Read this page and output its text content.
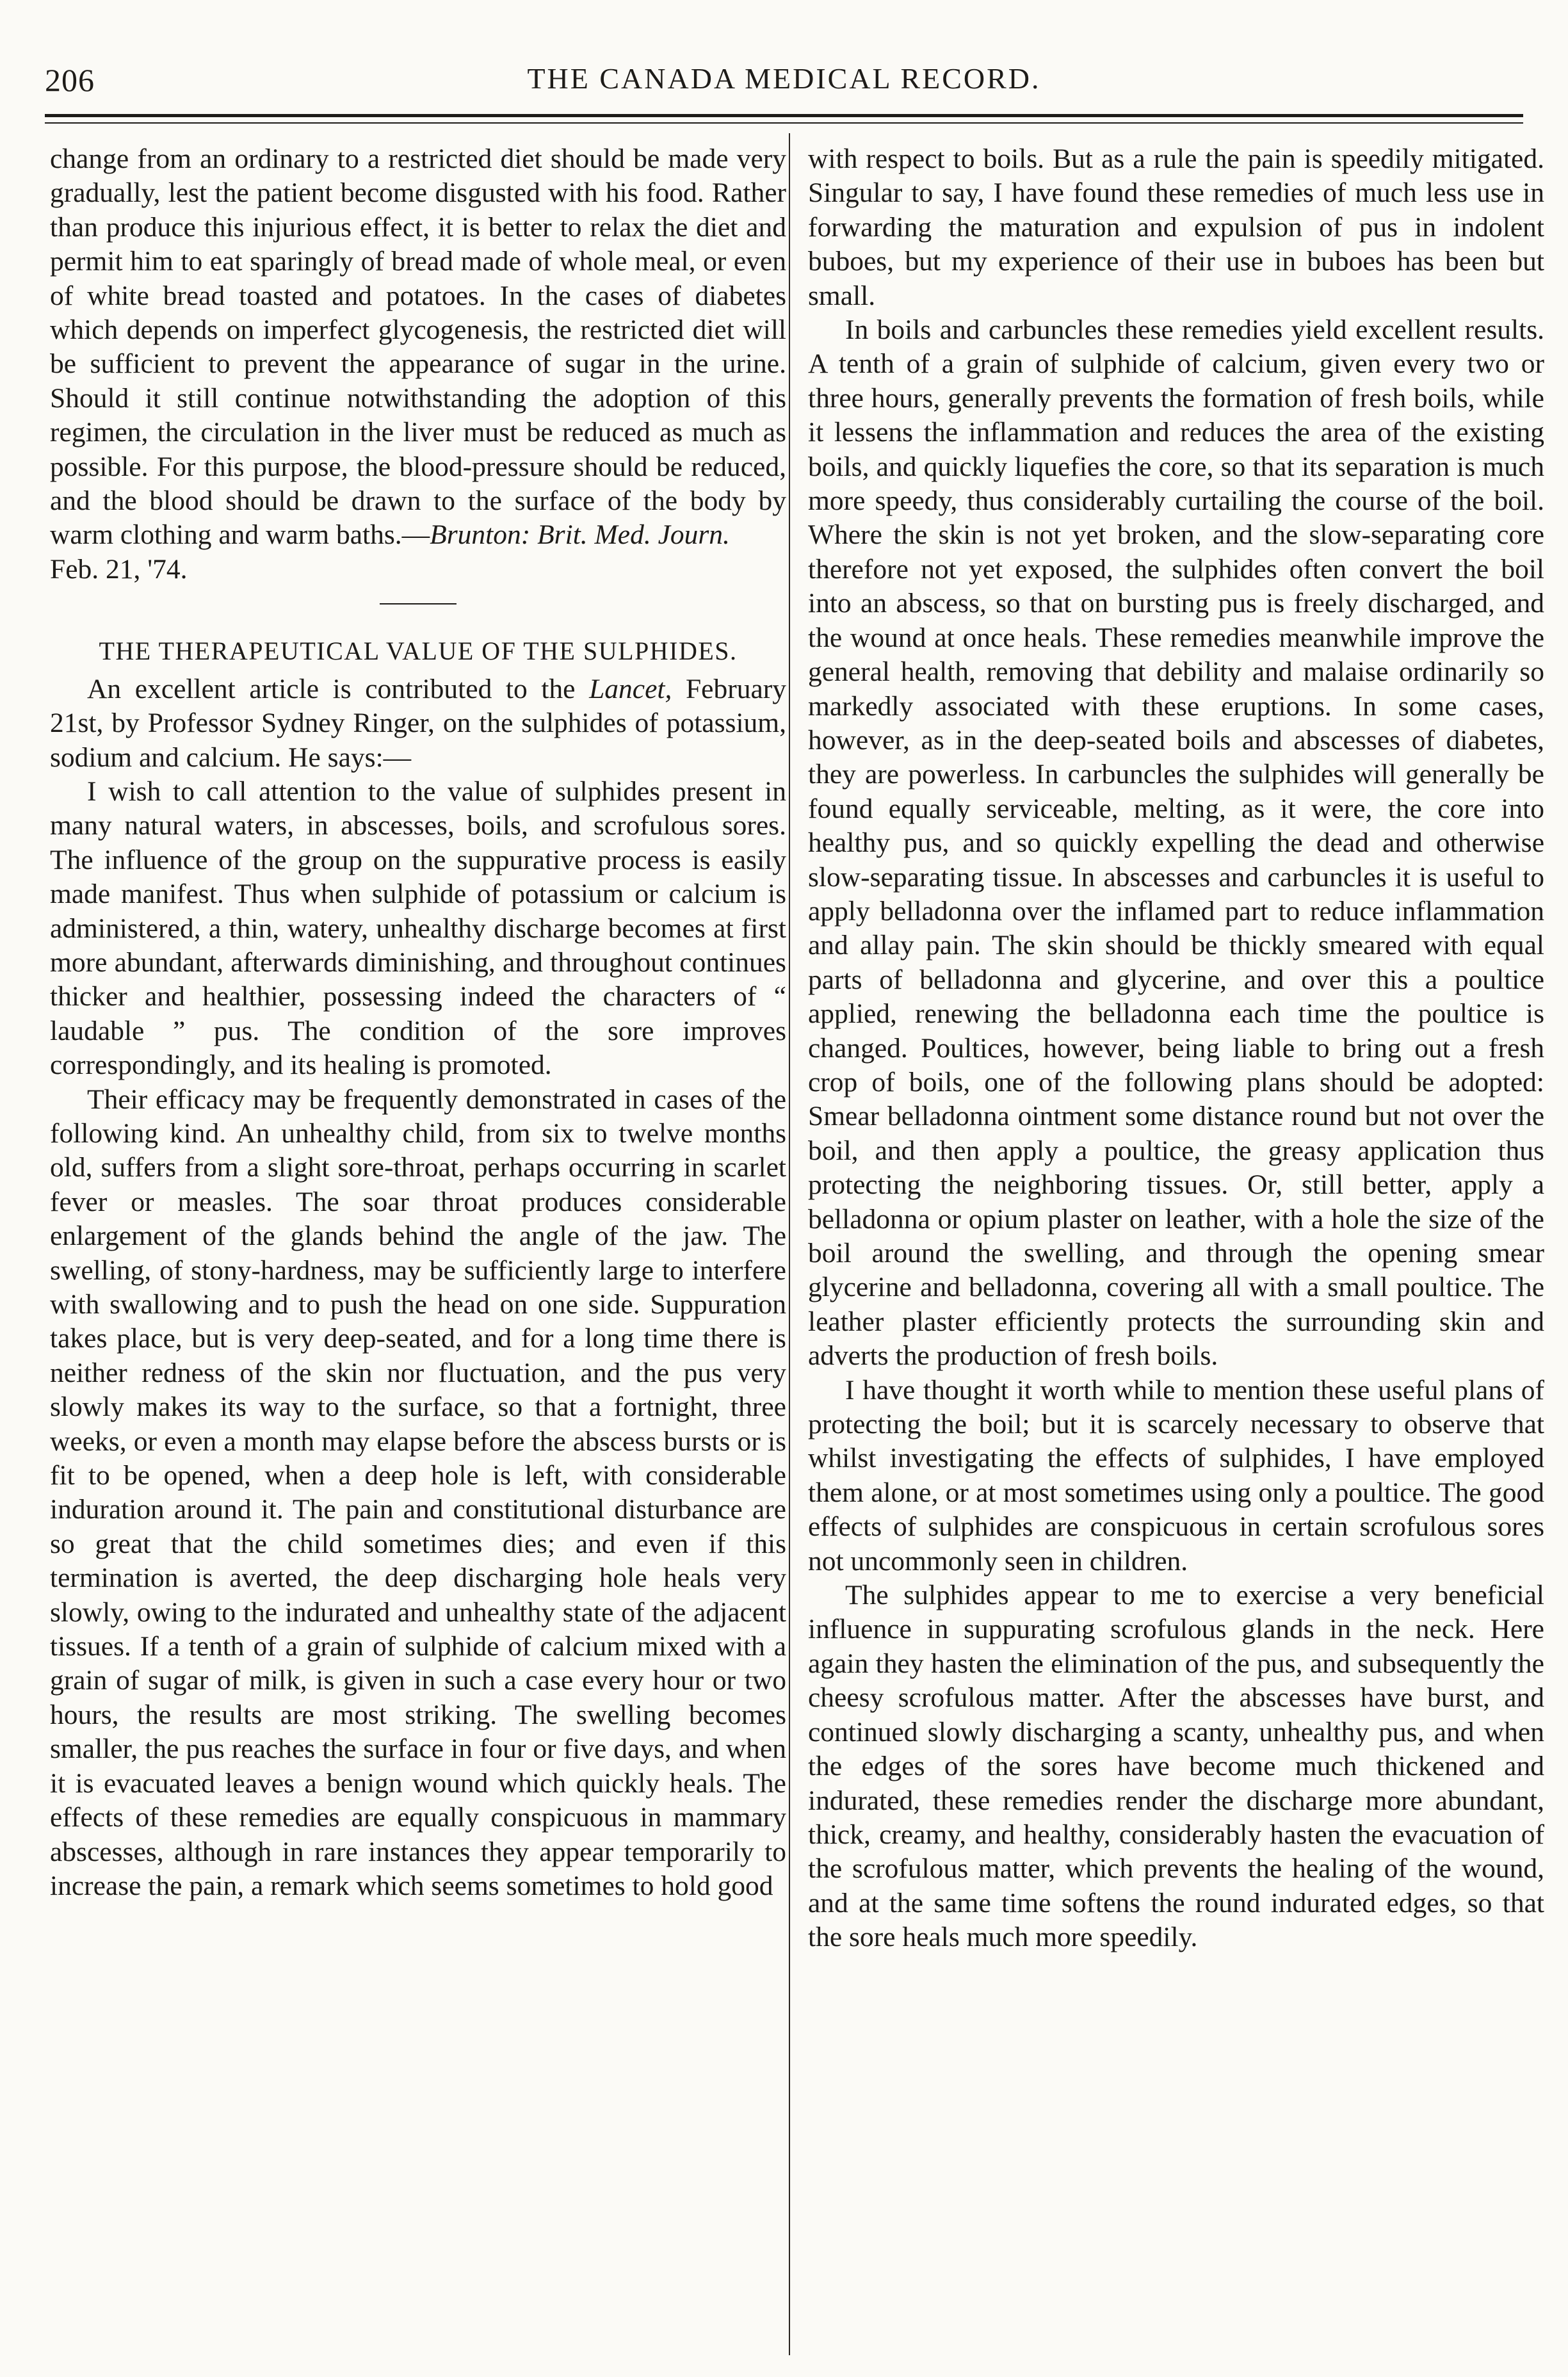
206	THE CANADA MEDICAL RECORD.

change from an ordinary to a restricted diet should be made very gradually, lest the patient become disgusted with his food. Rather than produce this injurious effect, it is better to relax the diet and permit him to eat sparingly of bread made of whole meal, or even of white bread toasted and potatoes. In the cases of diabetes which depends on imperfect glycogenesis, the restricted diet will be sufficient to prevent the appearance of sugar in the urine. Should it still continue notwithstanding the adoption of this regimen, the circulation in the liver must be reduced as much as possible. For this purpose, the blood-pressure should be reduced, and the blood should be drawn to the surface of the body by warm clothing and warm baths.—Brunton: Brit. Med. Journ.
Feb. 21, '74.

THE THERAPEUTICAL VALUE OF THE SULPHIDES.

An excellent article is contributed to the Lancet, February 21st, by Professor Sydney Ringer, on the sulphides of potassium, sodium and calcium. He says:—

I wish to call attention to the value of sulphides present in many natural waters, in abscesses, boils, and scrofulous sores. The influence of the group on the suppurative process is easily made manifest. Thus when sulphide of potassium or calcium is administered, a thin, watery, unhealthy discharge becomes at first more abundant, afterwards diminishing, and throughout continues thicker and healthier, possessing indeed the characters of “ laudable ” pus. The condition of the sore improves correspondingly, and its healing is promoted.

Their efficacy may be frequently demonstrated in cases of the following kind. An unhealthy child, from six to twelve months old, suffers from a slight sore-throat, perhaps occurring in scarlet fever or measles. The soar throat produces considerable enlargement of the glands behind the angle of the jaw. The swelling, of stony-hardness, may be sufficiently large to interfere with swallowing and to push the head on one side. Suppuration takes place, but is very deep-seated, and for a long time there is neither redness of the skin nor fluctuation, and the pus very slowly makes its way to the surface, so that a fortnight, three weeks, or even a month may elapse before the abscess bursts or is fit to be opened, when a deep hole is left, with considerable induration around it. The pain and constitutional disturbance are so great that the child sometimes dies; and even if this termination is averted, the deep discharging hole heals very slowly, owing to the indurated and unhealthy state of the adjacent tissues. If a tenth of a grain of sulphide of calcium mixed with a grain of sugar of milk, is given in such a case every hour or two hours, the results are most striking. The swelling becomes smaller, the pus reaches the surface in four or five days, and when it is evacuated leaves a benign wound which quickly heals. The effects of these remedies are equally conspicuous in mammary abscesses, although in rare instances they appear temporarily to increase the pain, a remark which seems sometimes to hold good

with respect to boils. But as a rule the pain is speedily mitigated. Singular to say, I have found these remedies of much less use in forwarding the maturation and expulsion of pus in indolent buboes, but my experience of their use in buboes has been but small.

In boils and carbuncles these remedies yield excellent results. A tenth of a grain of sulphide of calcium, given every two or three hours, generally prevents the formation of fresh boils, while it lessens the inflammation and reduces the area of the existing boils, and quickly liquefies the core, so that its separation is much more speedy, thus considerably curtailing the course of the boil. Where the skin is not yet broken, and the slow-separating core therefore not yet exposed, the sulphides often convert the boil into an abscess, so that on bursting pus is freely discharged, and the wound at once heals. These remedies meanwhile improve the general health, removing that debility and malaise ordinarily so markedly associated with these eruptions. In some cases, however, as in the deep-seated boils and abscesses of diabetes, they are powerless. In carbuncles the sulphides will generally be found equally serviceable, melting, as it were, the core into healthy pus, and so quickly expelling the dead and otherwise slow-separating tissue. In abscesses and carbuncles it is useful to apply belladonna over the inflamed part to reduce inflammation and allay pain. The skin should be thickly smeared with equal parts of belladonna and glycerine, and over this a poultice applied, renewing the belladonna each time the poultice is changed. Poultices, however, being liable to bring out a fresh crop of boils, one of the following plans should be adopted: Smear belladonna ointment some distance round but not over the boil, and then apply a poultice, the greasy application thus protecting the neighboring tissues. Or, still better, apply a belladonna or opium plaster on leather, with a hole the size of the boil around the swelling, and through the opening smear glycerine and belladonna, covering all with a small poultice. The leather plaster efficiently protects the surrounding skin and adverts the production of fresh boils.

I have thought it worth while to mention these useful plans of protecting the boil; but it is scarcely necessary to observe that whilst investigating the effects of sulphides, I have employed them alone, or at most sometimes using only a poultice. The good effects of sulphides are conspicuous in certain scrofulous sores not uncommonly seen in children.

The sulphides appear to me to exercise a very beneficial influence in suppurating scrofulous glands in the neck. Here again they hasten the elimination of the pus, and subsequently the cheesy scrofulous matter. After the abscesses have burst, and continued slowly discharging a scanty, unhealthy pus, and when the edges of the sores have become much thickened and indurated, these remedies render the discharge more abundant, thick, creamy, and healthy, considerably hasten the evacuation of the scrofulous matter, which prevents the healing of the wound, and at the same time softens the round indurated edges, so that the sore heals much more speedily.
